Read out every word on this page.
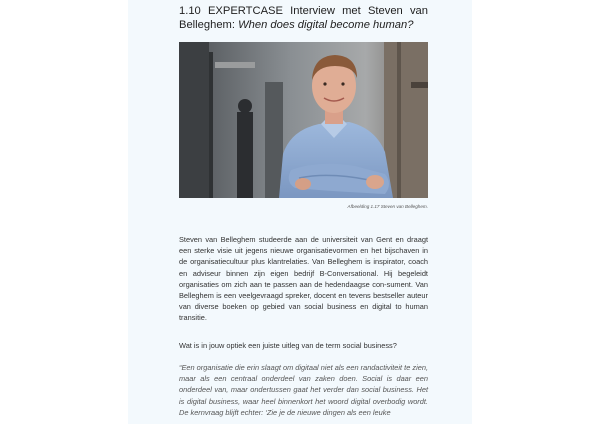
1.10 EXPERTCASE Interview met Steven van Belleghem: When does digital become human?
Afbeelding 1.17 Steven van Belleghem.

Steven van Belleghem studeerde aan de universiteit van Gent en draagt een sterke visie uit jegens nieuwe organisatievormen en het bijschaven in de organisatiecultuur plus klantrelaties. Van Belleghem is inspirator, coach en adviseur binnen zijn eigen bedrijf B-Conversational. Hij begeleidt organisaties om zich aan te passen aan de hedendaagse con-sument. Van Belleghem is een veelgevraagd spreker, docent en tevens bestseller auteur van diverse boeken op gebied van social business en digital to human transitie.

Wat is in jouw optiek een juiste uitleg van de term social business?

“Een organisatie die erin slaagt om digitaal niet als een randactiviteit te zien, maar als een centraal onderdeel van zaken doen. Social is daar een onderdeel van, maar ondertussen gaat het verder dan social business. Het is digital business, waar heel binnenkort het woord digital overbodig wordt. De kernvraag blijft echter: ‘Zie je de nieuwe dingen als een leuke
